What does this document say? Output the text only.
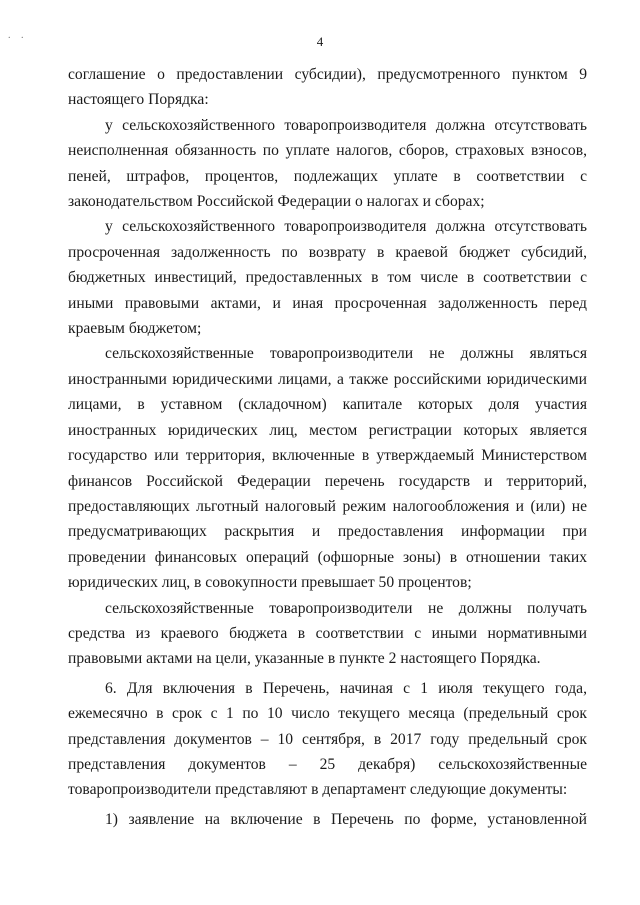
. .	4

соглашение о предоставлении субсидии), предусмотренного пунктом 9 настоящего Порядка:

у сельскохозяйственного товаропроизводителя должна отсутствовать неисполненная обязанность по уплате налогов, сборов, страховых взносов, пеней, штрафов, процентов, подлежащих уплате в соответствии с законодательством Российской Федерации о налогах и сборах;

у сельскохозяйственного товаропроизводителя должна отсутствовать просроченная задолженность по возврату в краевой бюджет субсидий, бюджетных инвестиций, предоставленных в том числе в соответствии с иными правовыми актами, и иная просроченная задолженность перед краевым бюджетом;

сельскохозяйственные товаропроизводители не должны являться иностранными юридическими лицами, а также российскими юридическими лицами, в уставном (складочном) капитале которых доля участия иностранных юридических лиц, местом регистрации которых является государство или территория, включенные в утверждаемый Министерством финансов Российской Федерации перечень государств и территорий, предоставляющих льготный налоговый режим налогообложения и (или) не предусматривающих раскрытия и предоставления информации при проведении финансовых операций (офшорные зоны) в отношении таких юридических лиц, в совокупности превышает 50 процентов;

сельскохозяйственные товаропроизводители не должны получать средства из краевого бюджета в соответствии с иными нормативными правовыми актами на цели, указанные в пункте 2 настоящего Порядка.

6. Для включения в Перечень, начиная с 1 июля текущего года, ежемесячно в срок с 1 по 10 число текущего месяца (предельный срок представления документов – 10 сентября, в 2017 году предельный срок представления документов – 25 декабря) сельскохозяйственные товаропроизводители представляют в департамент следующие документы:

1) заявление на включение в Перечень по форме, установленной
